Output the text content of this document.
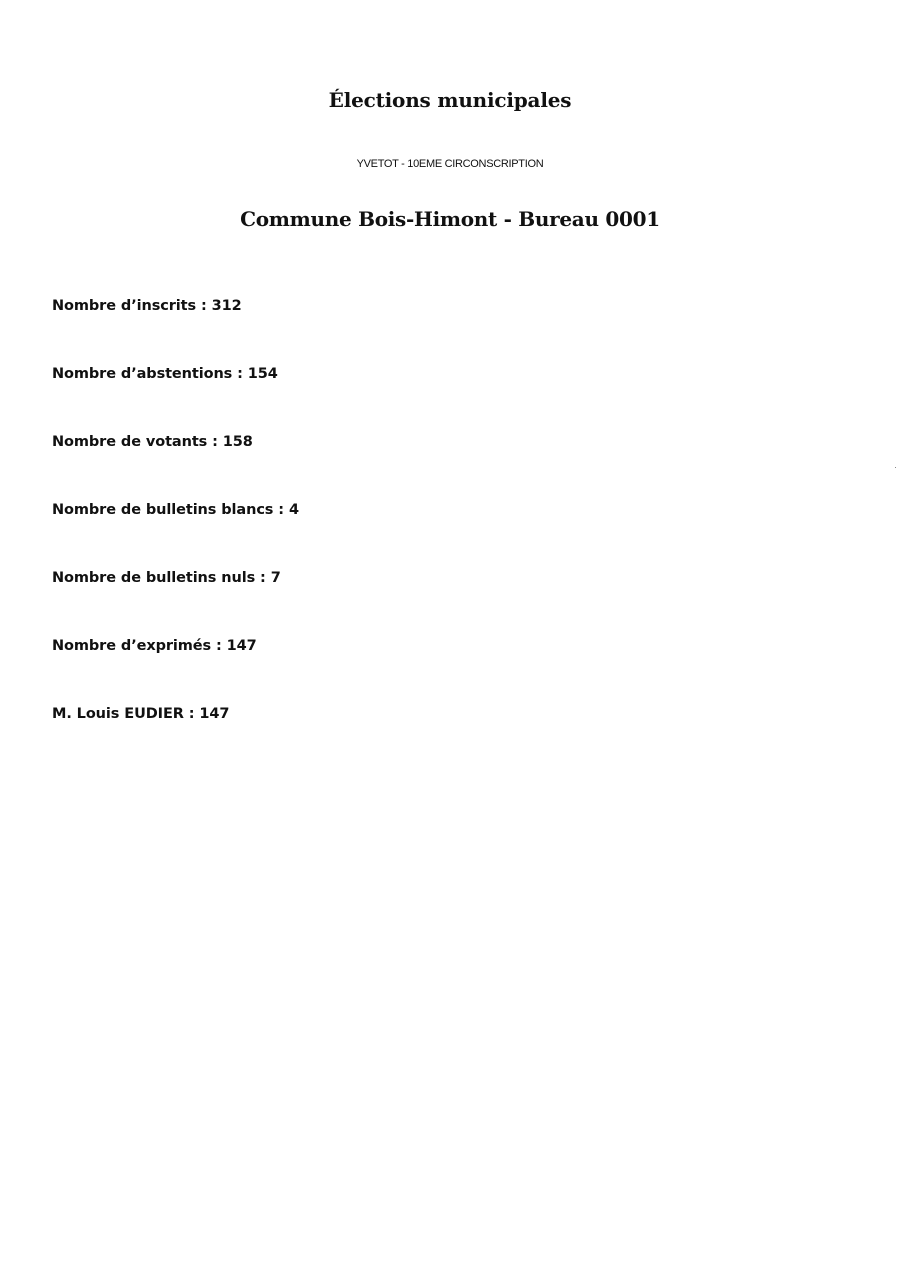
Élections municipales
YVETOT - 10EME CIRCONSCRIPTION
Commune Bois-Himont - Bureau 0001
Nombre d’inscrits : 312
Nombre d’abstentions : 154
Nombre de votants : 158
Nombre de bulletins blancs : 4
Nombre de bulletins nuls : 7
Nombre d’exprimés : 147
M. Louis EUDIER : 147
